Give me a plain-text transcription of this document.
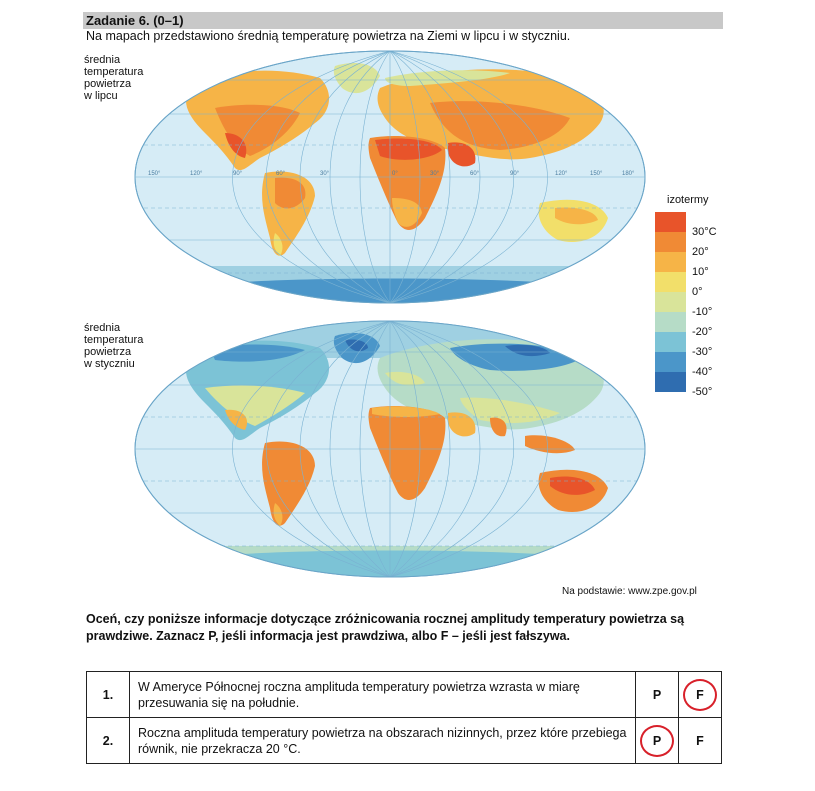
Zadanie 6. (0–1)
Na mapach przedstawiono średnią temperaturę powietrza na Ziemi w lipcu i w styczniu.
średnia
temperatura
powietrza
w lipcu
150°	120°	90°	60°	30°	0°	30°	60°	90°	120°	150°	180°
izotermy
30°C
20°
10°
0°
-10°
-20°
-30°
-40°
-50°
średnia
temperatura
powietrza
w styczniu
Na podstawie: www.zpe.gov.pl
Oceń, czy poniższe informacje dotyczące zróżnicowania rocznej amplitudy temperatury powietrza są prawdziwe. Zaznacz P, jeśli informacja jest prawdziwa, albo F – jeśli jest fałszywa.
1.	W Ameryce Północnej roczna amplituda temperatury powietrza wzrasta w miarę przesuwania się na południe.	P	F

2.	Roczna amplituda temperatury powietrza na obszarach nizinnych, przez które przebiega równik, nie przekracza 20 °C.	P	F
